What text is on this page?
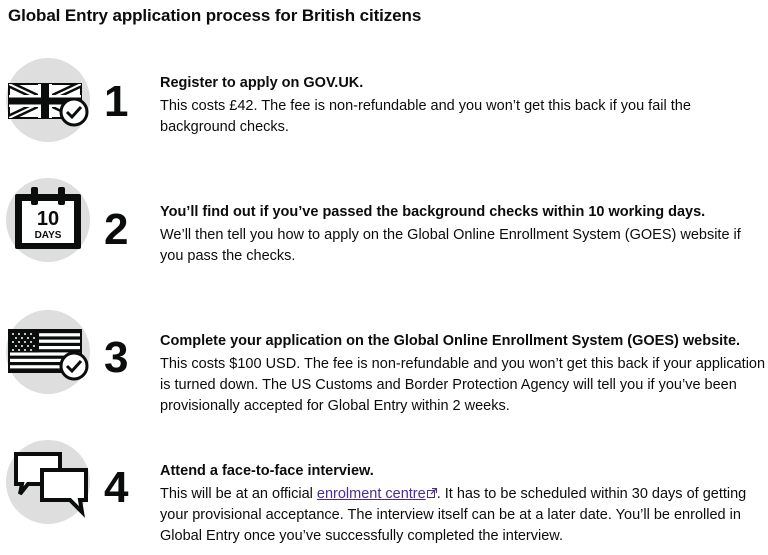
Global Entry application process for British citizens
1 Register to apply on GOV.UK.

This costs £42. The fee is non-refundable and you won’t get this back if you fail the background checks.

10
DAYS 2 You’ll find out if you’ve passed the background checks within 10 working days.

We’ll then tell you how to apply on the Global Online Enrollment System (GOES) website if you pass the checks.

3 Complete your application on the Global Online Enrollment System (GOES) website.

This costs $100 USD. The fee is non-refundable and you won’t get this back if your application is turned down. The US Customs and Border Protection Agency will tell you if you’ve been provisionally accepted for Global Entry within 2 weeks.

4 Attend a face-to-face interview.

This will be at an official enrolment centre . It has to be scheduled within 30 days of getting your provisional acceptance. The interview itself can be at a later date. You’ll be enrolled in Global Entry once you’ve successfully completed the interview.
